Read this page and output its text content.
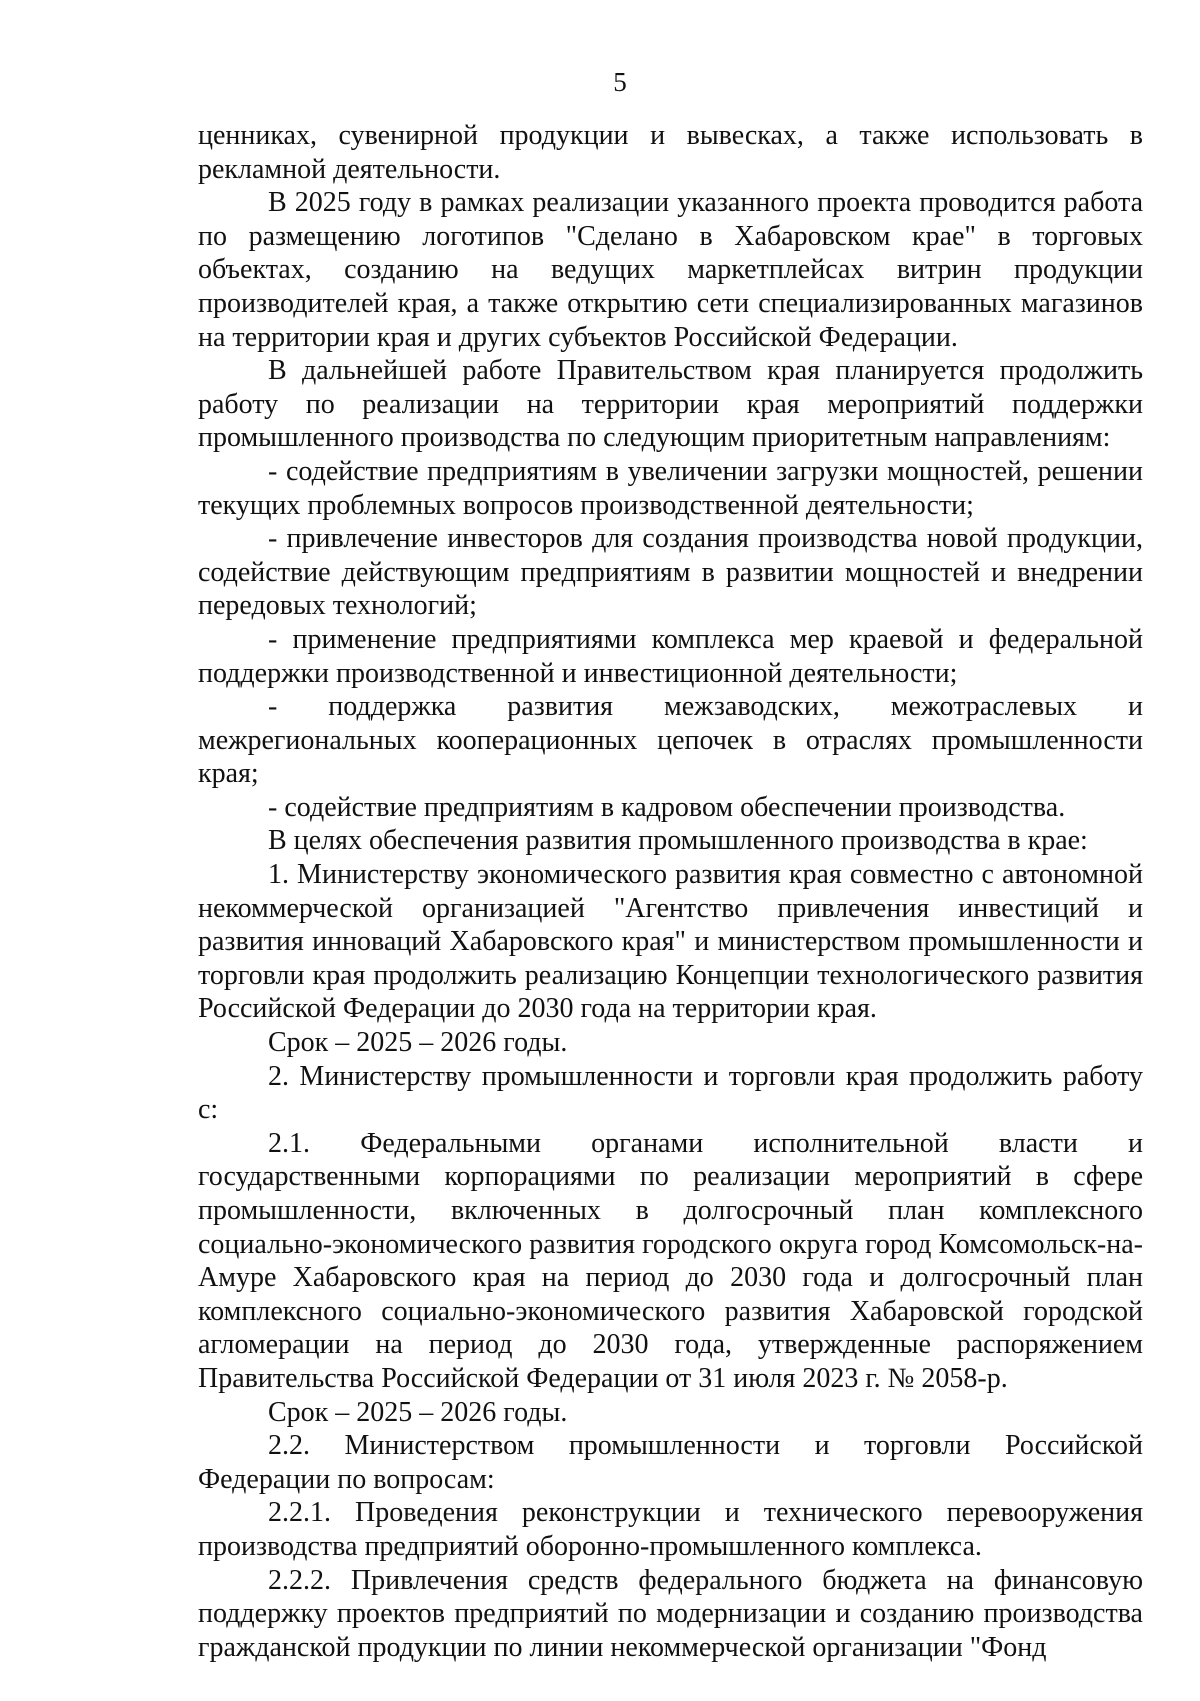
5

ценниках, сувенирной продукции и вывесках, а также использовать в рекламной деятельности.

В 2025 году в рамках реализации указанного проекта проводится работа по размещению логотипов "Сделано в Хабаровском крае" в торговых объектах, созданию на ведущих маркетплейсах витрин продукции производителей края, а также открытию сети специализированных магазинов на территории края и других субъектов Российской Федерации.

В дальнейшей работе Правительством края планируется продолжить работу по реализации на территории края мероприятий поддержки промышленного производства по следующим приоритетным направлениям:

- содействие предприятиям в увеличении загрузки мощностей, решении текущих проблемных вопросов производственной деятельности;

- привлечение инвесторов для создания производства новой продукции, содействие действующим предприятиям в развитии мощностей и внедрении передовых технологий;

- применение предприятиями комплекса мер краевой и федеральной поддержки производственной и инвестиционной деятельности;

- поддержка развития межзаводских, межотраслевых и межрегиональных кооперационных цепочек в отраслях промышленности края;

- содействие предприятиям в кадровом обеспечении производства.

В целях обеспечения развития промышленного производства в крае:

1. Министерству экономического развития края совместно с автономной некоммерческой организацией "Агентство привлечения инвестиций и развития инноваций Хабаровского края" и министерством промышленности и торговли края продолжить реализацию Концепции технологического развития Российской Федерации до 2030 года на территории края.

Срок – 2025 – 2026 годы.

2. Министерству промышленности и торговли края продолжить работу с:

2.1. Федеральными органами исполнительной власти и государственными корпорациями по реализации мероприятий в сфере промышленности, включенных в долгосрочный план комплексного социально-экономического развития городского округа город Комсомольск-на-Амуре Хабаровского края на период до 2030 года и долгосрочный план комплексного социально-экономического развития Хабаровской городской агломерации на период до 2030 года, утвержденные распоряжением Правительства Российской Федерации от 31 июля 2023 г. № 2058-р.

Срок – 2025 – 2026 годы.

2.2. Министерством промышленности и торговли Российской Федерации по вопросам:

2.2.1. Проведения реконструкции и технического перевооружения производства предприятий оборонно-промышленного комплекса.

2.2.2. Привлечения средств федерального бюджета на финансовую поддержку проектов предприятий по модернизации и созданию производства гражданской продукции по линии некоммерческой организации "Фонд
